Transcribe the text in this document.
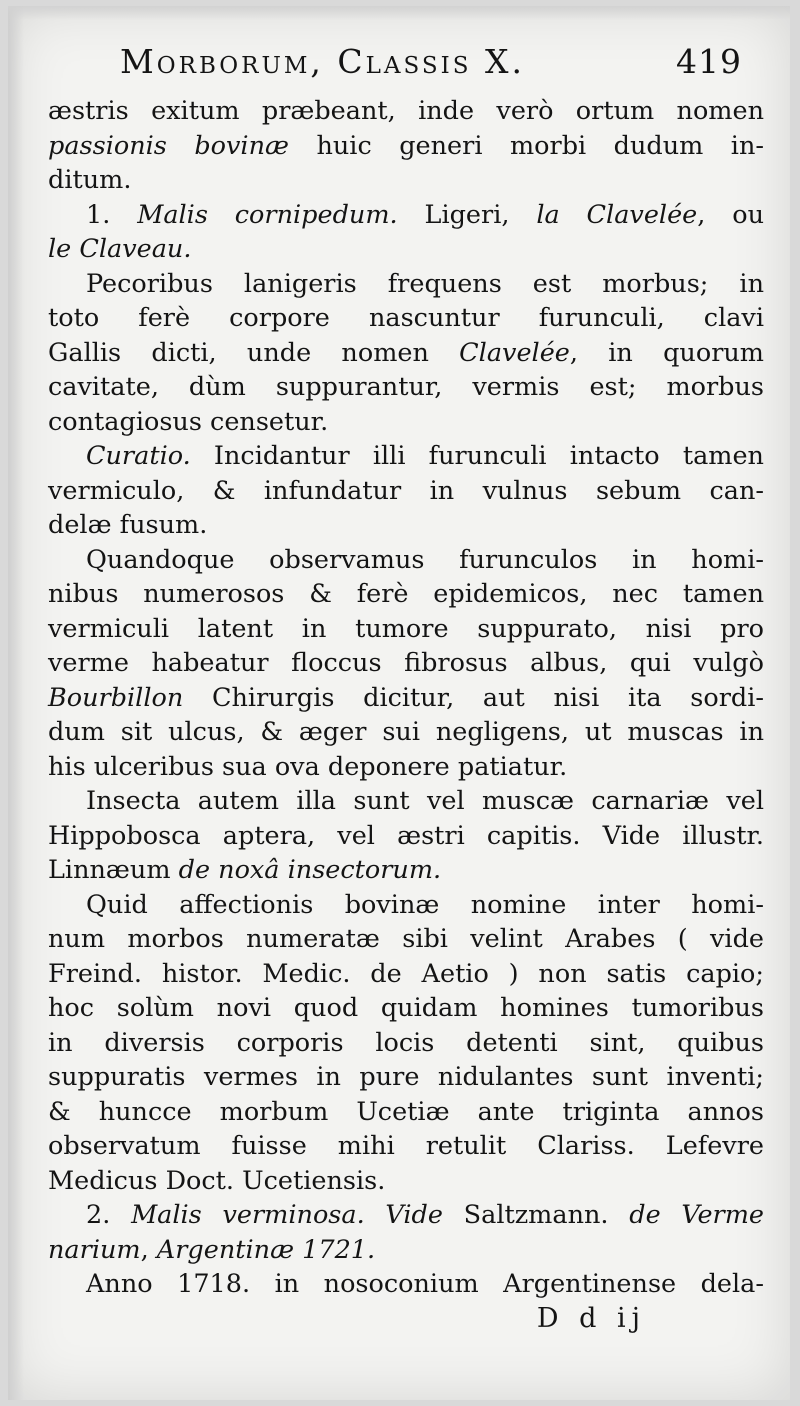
Morborum, Classis X.	419
æstris exitum præbeant, inde verò ortum nomen
passionis bovinæ huic generi morbi dudum in-
ditum.
1. Malis cornipedum. Ligeri, la Clavelée, ou
le Claveau.
Pecoribus lanigeris frequens est morbus; in
toto ferè corpore nascuntur furunculi, clavi
Gallis dicti, unde nomen Clavelée, in quorum
cavitate, dùm suppurantur, vermis est; morbus
contagiosus censetur.
Curatio. Incidantur illi furunculi intacto tamen
vermiculo, & infundatur in vulnus sebum can-
delæ fusum.
Quandoque observamus furunculos in homi-
nibus numerosos & ferè epidemicos, nec tamen
vermiculi latent in tumore suppurato, nisi pro
verme habeatur floccus fibrosus albus, qui vulgò
Bourbillon Chirurgis dicitur, aut nisi ita sordi-
dum sit ulcus, & æger sui negligens, ut muscas in
his ulceribus sua ova deponere patiatur.
Insecta autem illa sunt vel muscæ carnariæ vel
Hippobosca aptera, vel æstri capitis. Vide illustr.
Linnæum de noxâ insectorum.
Quid affectionis bovinæ nomine inter homi-
num morbos numeratæ sibi velint Arabes ( vide
Freind. histor. Medic. de Aetio ) non satis capio;
hoc solùm novi quod quidam homines tumoribus
in diversis corporis locis detenti sint, quibus
suppuratis vermes in pure nidulantes sunt inventi;
& huncce morbum Ucetiæ ante triginta annos
observatum fuisse mihi retulit Clariss. Lefevre
Medicus Doct. Ucetiensis.
2. Malis verminosa. Vide Saltzmann. de Verme
narium, Argentinæ 1721.
Anno 1718. in nosoconium Argentinense dela-
D d ij
